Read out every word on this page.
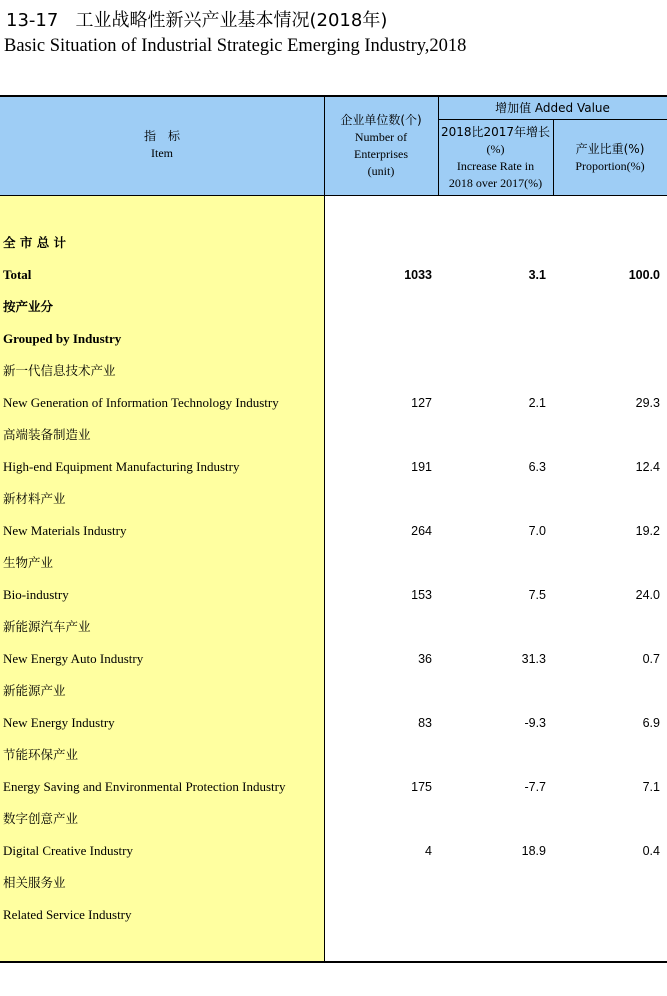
13-17 工业战略性新兴产业基本情况(2018年)
Basic Situation of Industrial Strategic Emerging Industry,2018
指　标
Item
企业单位数(个)
Number of
Enterprises
(unit)
增加值 Added Value
2018比2017年增长
(%)
Increase Rate in
2018 over 2017(%)
产业比重(%)
Proportion(%)
全 市 总 计
Total	1033	3.1	100.0
按产业分
Grouped by Industry
新一代信息技术产业
New Generation of Information Technology Industry	127	2.1	29.3
高端装备制造业
High-end Equipment Manufacturing Industry	191	6.3	12.4
新材料产业
New Materials Industry	264	7.0	19.2
生物产业
Bio-industry	153	7.5	24.0
新能源汽车产业
New Energy Auto Industry	36	31.3	0.7
新能源产业
New Energy Industry	83	-9.3	6.9
节能环保产业
Energy Saving and Environmental Protection Industry	175	-7.7	7.1
数字创意产业
Digital Creative Industry	4	18.9	0.4
相关服务业
Related Service Industry
